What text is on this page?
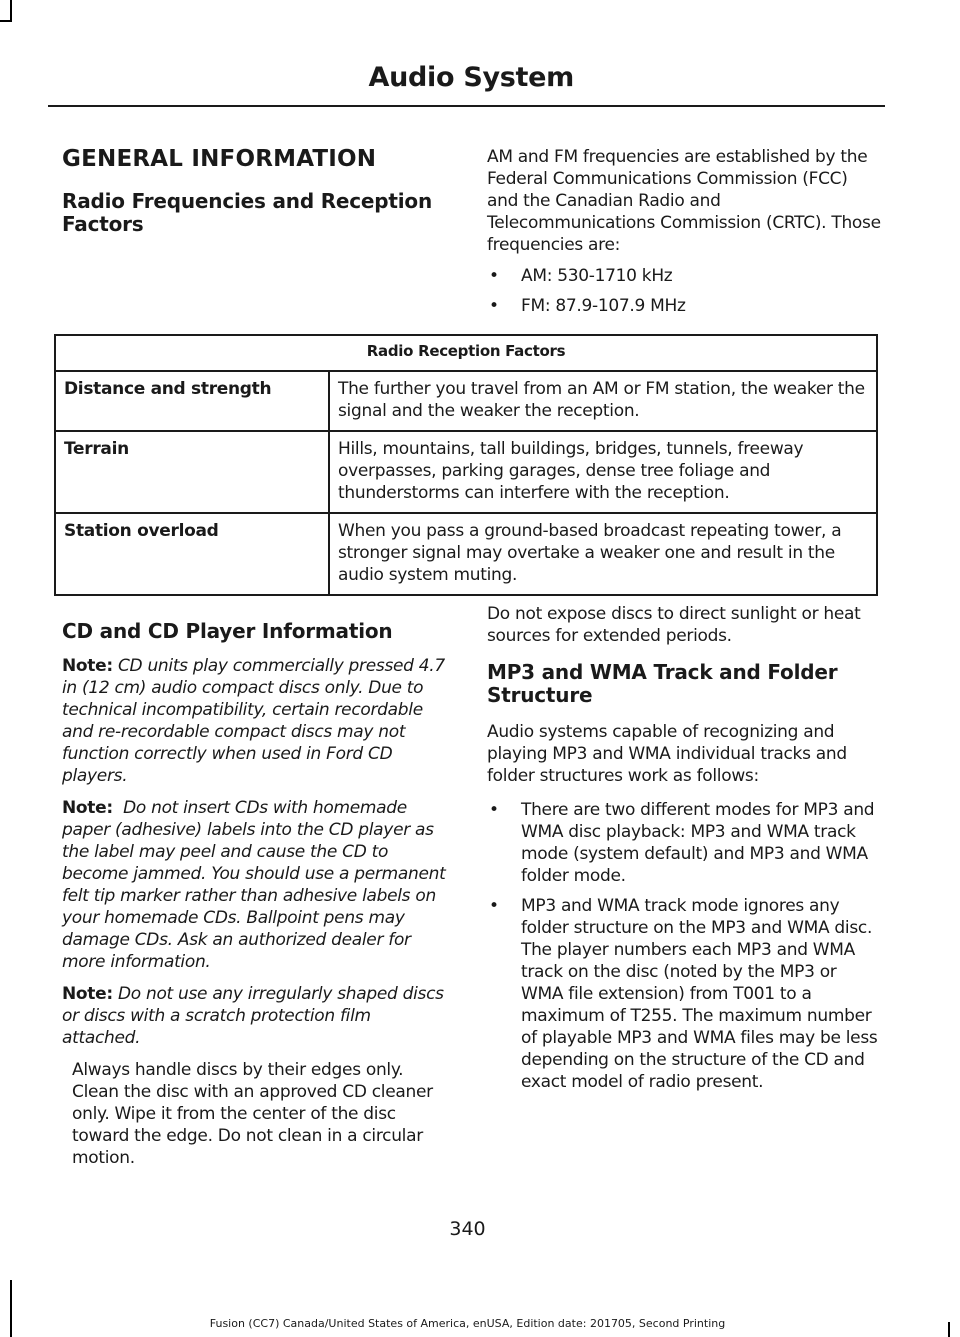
Audio System
GENERAL INFORMATION
Radio Frequencies and Reception Factors

AM and FM frequencies are established by the Federal Communications Commission (FCC) and the Canadian Radio and Telecommunications Commission (CRTC). Those frequencies are:

• AM: 530-1710 kHz
• FM: 87.9-107.9 MHz
Radio Reception Factors	
Distance and strength	The further you travel from an AM or FM station, the weaker the signal and the weaker the reception.
Terrain	Hills, mountains, tall buildings, bridges, tunnels, freeway overpasses, parking garages, dense tree foliage and thunderstorms can interfere with the reception.
Station overload	When you pass a ground-based broadcast repeating tower, a stronger signal may overtake a weaker one and result in the audio system muting.
CD and CD Player Information

Note: CD units play commercially pressed 4.7 in (12 cm) audio compact discs only. Due to technical incompatibility, certain recordable and re-recordable compact discs may not function correctly when used in Ford CD players.

Note: Do not insert CDs with homemade paper (adhesive) labels into the CD player as the label may peel and cause the CD to become jammed. You should use a permanent felt tip marker rather than adhesive labels on your homemade CDs. Ballpoint pens may damage CDs. Ask an authorized dealer for more information.

Note: Do not use any irregularly shaped discs or discs with a scratch protection film attached.

Always handle discs by their edges only. Clean the disc with an approved CD cleaner only. Wipe it from the center of the disc toward the edge. Do not clean in a circular motion.

Do not expose discs to direct sunlight or heat sources for extended periods.

MP3 and WMA Track and Folder Structure

Audio systems capable of recognizing and playing MP3 and WMA individual tracks and folder structures work as follows:

• There are two different modes for MP3 and WMA disc playback: MP3 and WMA track mode (system default) and MP3 and WMA folder mode.
• MP3 and WMA track mode ignores any folder structure on the MP3 and WMA disc. The player numbers each MP3 and WMA track on the disc (noted by the MP3 or WMA file extension) from T001 to a maximum of T255. The maximum number of playable MP3 and WMA files may be less depending on the structure of the CD and exact model of radio present.
340
Fusion (CC7) Canada/United States of America, enUSA, Edition date: 201705, Second Printing
